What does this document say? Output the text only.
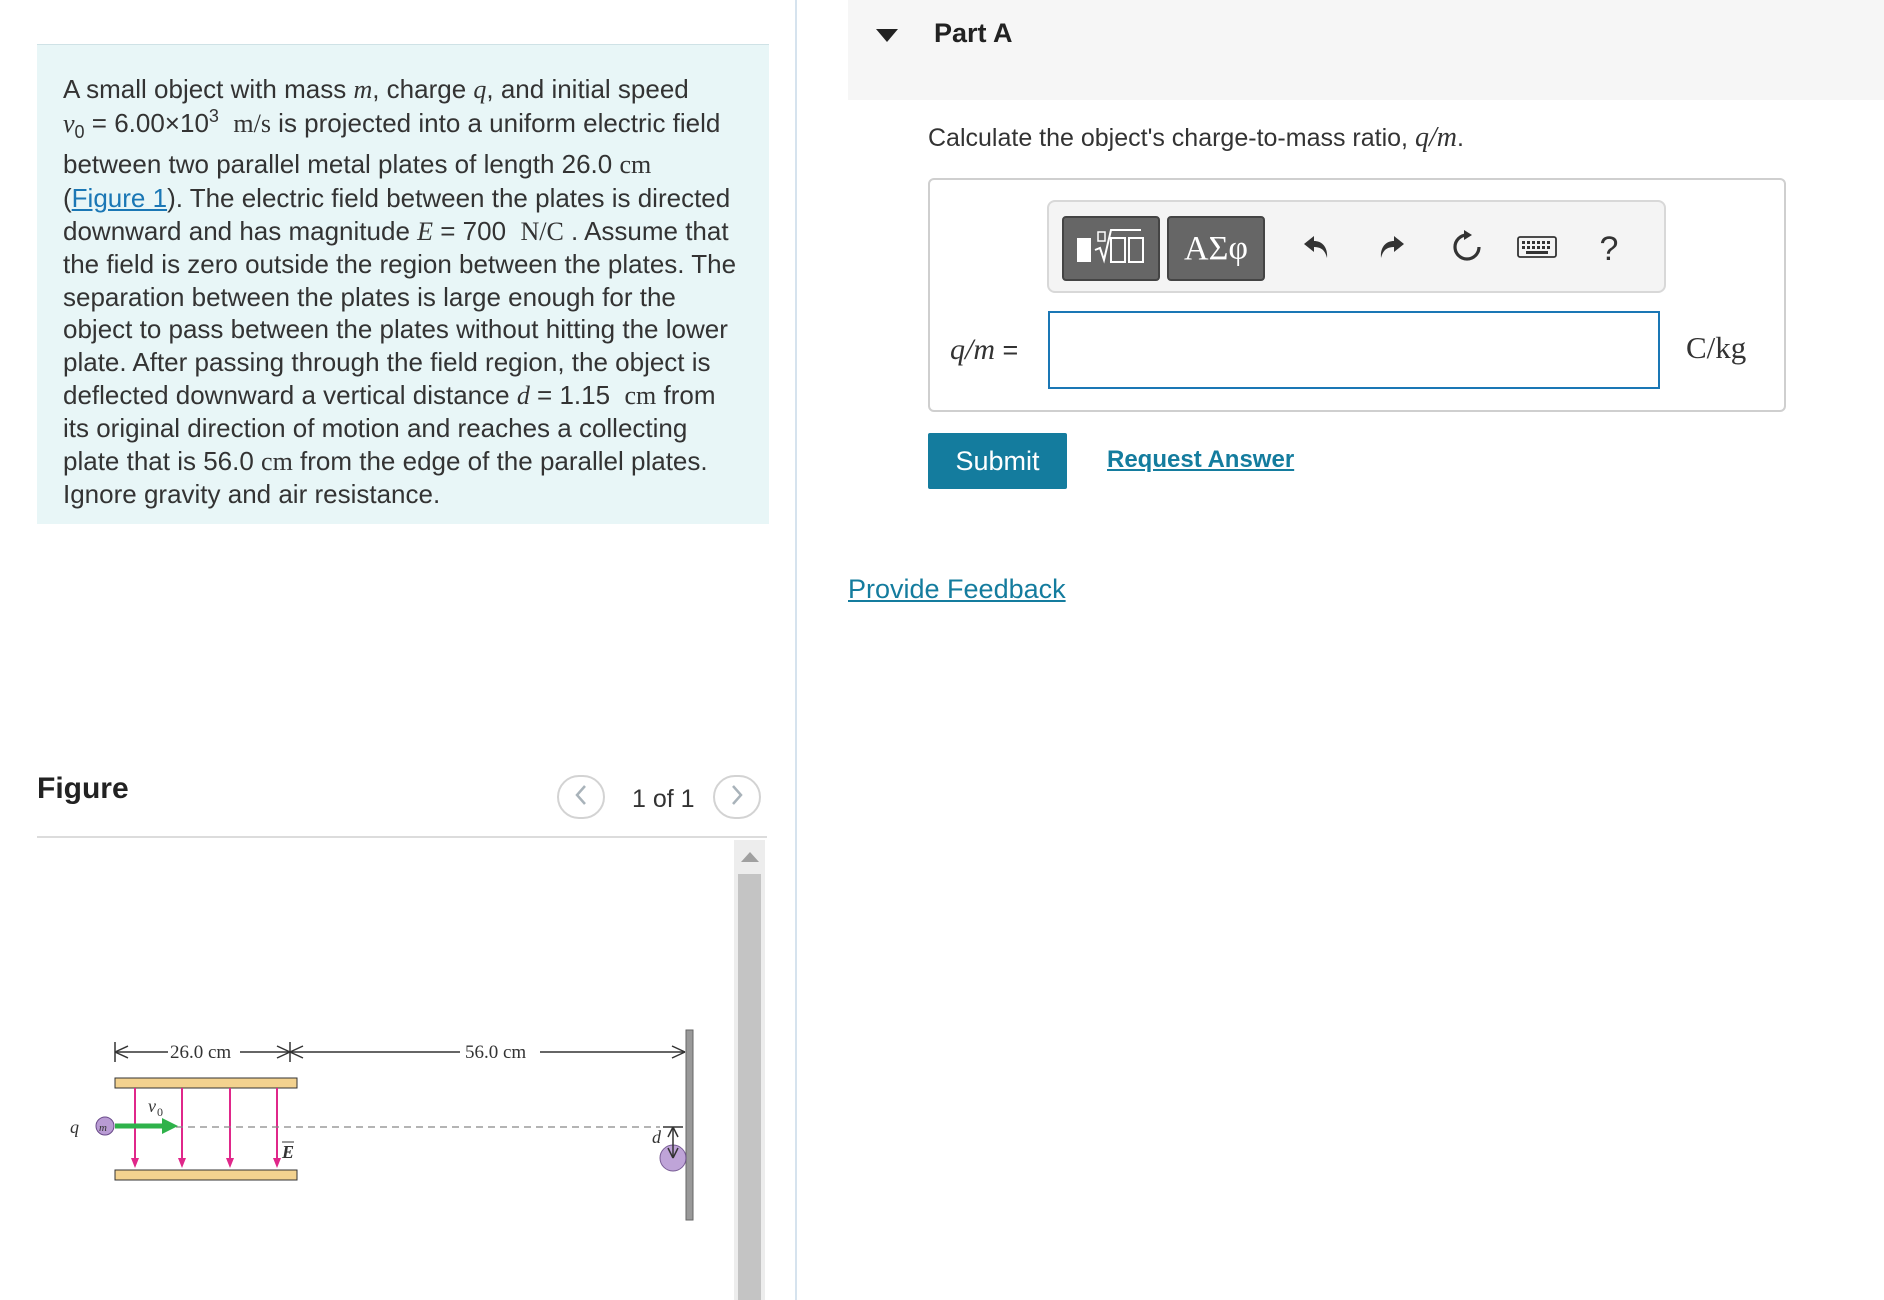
A small object with mass m, charge q, and initial speed
$v_0 = 6.00\times 10^3$ m/s is projected into a uniform electric field between two parallel metal plates of length 26.0 cm
(Figure 1). The electric field between the plates is directed downward and has magnitude E = 700  N/C . Assume that the field is zero outside the region between the plates. The separation between the plates is large enough for the object to pass between the plates without hitting the lower plate. After passing through the field region, the object is deflected downward a vertical distance d = 1.15  cm from its original direction of motion and reaches a collecting plate that is 56.0 cm from the edge of the parallel plates. Ignore gravity and air resistance.
Figure	1 of 1
26.0 cm	56.0 cm
q m
v 0
E
d
Part A
Calculate the object's charge-to-mass ratio, q/m.
ΑΣφ	?
q/m =	C/kg
Submit	Request Answer
Provide Feedback
